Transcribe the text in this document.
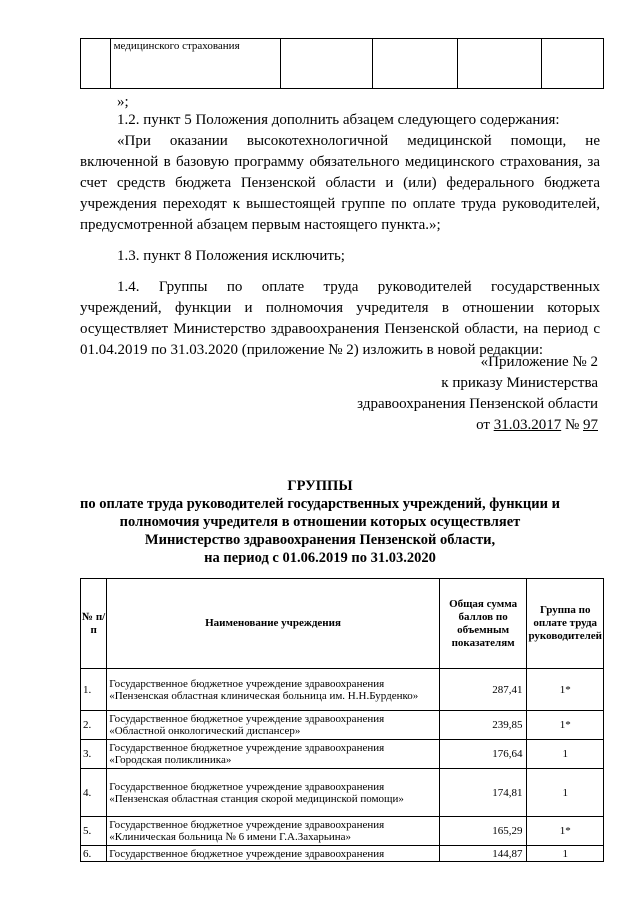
	медицинского страхования				

»;

1.2. пункт 5 Положения дополнить абзацем следующего содержания:

«При оказании высокотехнологичной медицинской помощи, не

включенной в базовую программу обязательного медицинского страхования, за

счет средств бюджета Пензенской области и (или) федерального бюджета

учреждения переходят к вышестоящей группе по оплате труда руководителей,

предусмотренной абзацем первым настоящего пункта.»;

1.3. пункт 8 Положения исключить;

1.4. Группы по оплате труда руководителей государственных

учреждений, функции и полномочия учредителя в отношении которых

осуществляет Министерство здравоохранения Пензенской области, на период с

01.04.2019 по 31.03.2020 (приложение № 2) изложить в новой редакции:

«Приложение № 2
к приказу Министерства
здравоохранения Пензенской области
от 31.03.2017 № 97
ГРУППЫ
по оплате труда руководителей государственных учреждений, функции и
полномочия учредителя в отношении которых осуществляет
Министерство здравоохранения Пензенской области,
на период с 01.06.2019 по 31.03.2020
№ п/п	Наименование учреждения	Общая сумма баллов по объемным показателям	Группа по оплате труда руководителей
1.	Государственное бюджетное учреждение здравоохранения «Пензенская областная клиническая больница им. Н.Н.Бурденко»	287,41	1*
2.	Государственное бюджетное учреждение здравоохранения «Областной онкологический диспансер»	239,85	1*
3.	Государственное бюджетное учреждение здравоохранения «Городская поликлиника»	176,64	1
4.	Государственное бюджетное учреждение здравоохранения «Пензенская областная станция скорой медицинской помощи»	174,81	1
5.	Государственное бюджетное учреждение здравоохранения «Клиническая больница № 6 имени Г.А.Захарьина»	165,29	1*
6.	Государственное бюджетное учреждение здравоохранения	144,87	1
